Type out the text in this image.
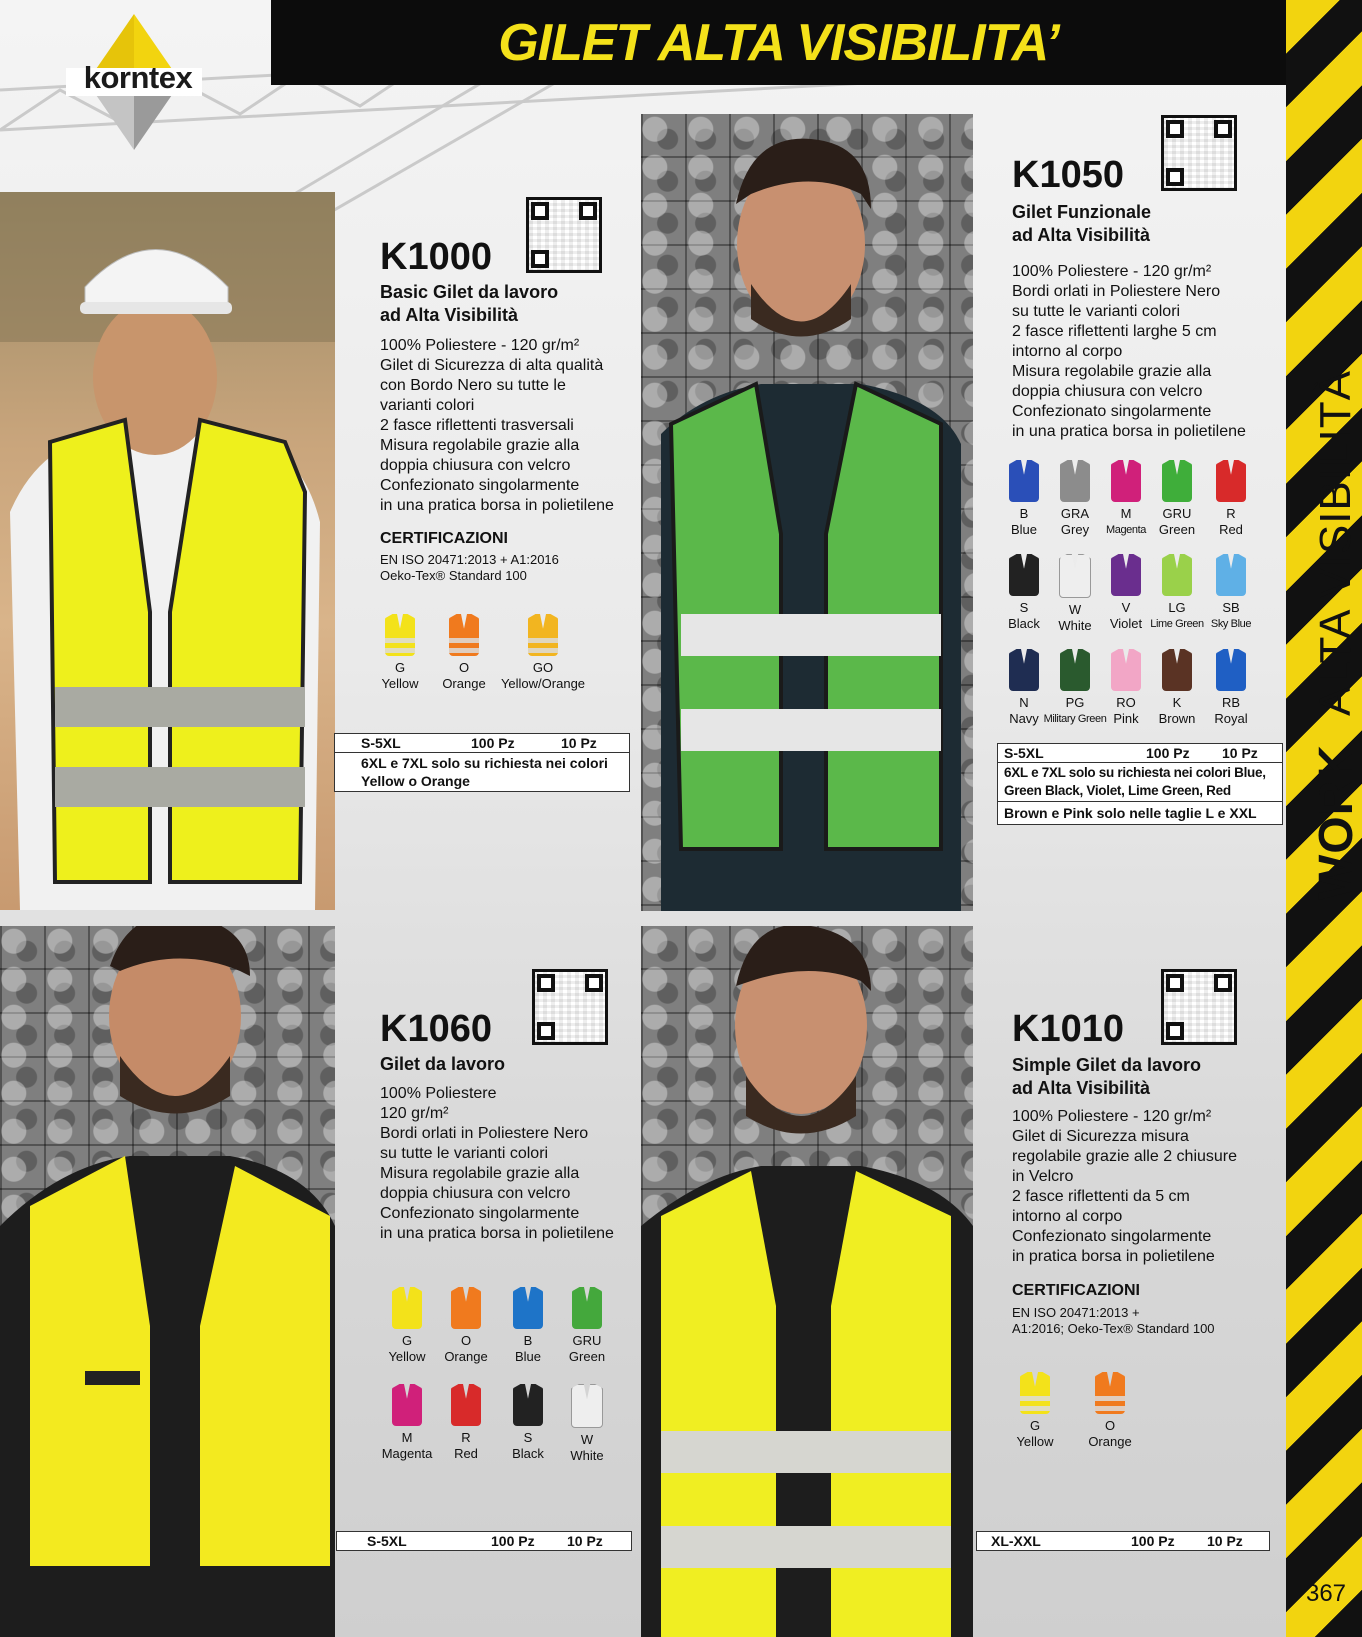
korntex
GILET ALTA VISIBILITA’
WORK
ALTA VISIBILITÀ
367
K1000
Basic Gilet da lavoro
ad Alta Visibilità
100% Poliestere - 120 gr/m²
Gilet di Sicurezza di alta qualità
con Bordo Nero su tutte le
varianti colori
2 fasce riflettenti trasversali
Misura regolabile grazie alla
doppia chiusura con velcro
Confezionato singolarmente
in una pratica borsa in polietilene
CERTIFICAZIONI
EN ISO 20471:2013 + A1:2016
Oeko-Tex® Standard 100
G
Yellow
O
Orange
GO
Yellow/Orange
S-5XL	100 Pz	10 Pz
6XL e 7XL solo su richiesta nei colori
Yellow o Orange
K1050
Gilet Funzionale
ad Alta Visibilità
100% Poliestere - 120 gr/m²
Bordi orlati in Poliestere Nero
su tutte le varianti colori
2 fasce riflettenti larghe 5 cm
intorno al corpo
Misura regolabile grazie alla
doppia chiusura con velcro
Confezionato singolarmente
in una pratica borsa in polietilene
B
Blue
GRA
Grey
M
Magenta
GRU
Green
R
Red
S
Black
W
White
V
Violet
LG
Lime Green
SB
Sky Blue
N
Navy
PG
Military Green
RO
Pink
K
Brown
RB
Royal
S-5XL	100 Pz	10 Pz
6XL e 7XL solo su richiesta nei colori Blue,
Green Black, Violet, Lime Green, Red
Brown e Pink solo nelle taglie L e XXL
K1060
Gilet da lavoro
100% Poliestere
120 gr/m²
Bordi orlati in Poliestere Nero
su tutte le varianti colori
Misura regolabile grazie alla
doppia chiusura con velcro
Confezionato singolarmente
in una pratica borsa in polietilene
G
Yellow
O
Orange
B
Blue
GRU
Green
M
Magenta
R
Red
S
Black
W
White
S-5XL	100 Pz	10 Pz
K1010
Simple Gilet da lavoro
ad Alta Visibilità
100% Poliestere - 120 gr/m²
Gilet di Sicurezza misura
regolabile grazie alle 2 chiusure
in Velcro
2 fasce riflettenti da 5 cm
intorno al corpo
Confezionato singolarmente
in pratica borsa in polietilene
CERTIFICAZIONI
EN ISO 20471:2013 +
A1:2016; Oeko-Tex® Standard 100
G
Yellow
O
Orange
XL-XXL	100 Pz	10 Pz
